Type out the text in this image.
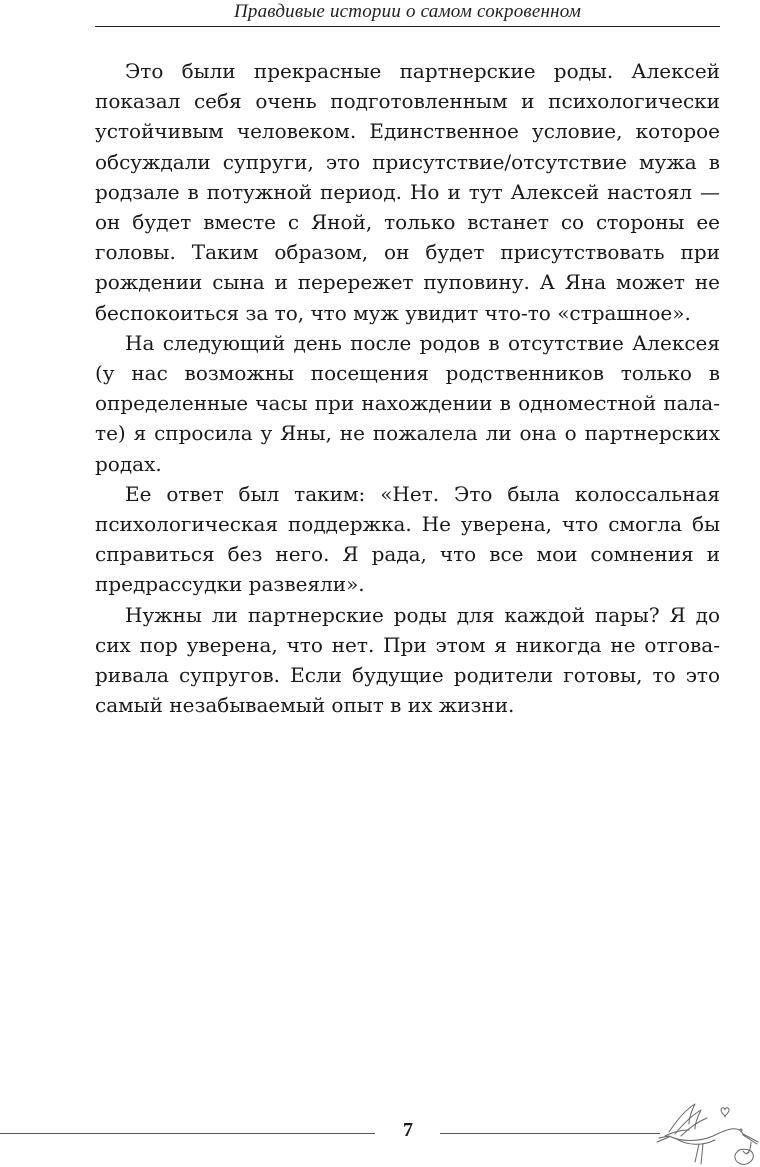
Правдивые истории о самом сокровенном

Это были прекрасные партнерские роды. Алексей показал себя очень подготовленным и психологически устойчивым человеком. Единственное условие, которое обсуждали супруги, это присутствие/отсутствие мужа в родзале в потужной период. Но и тут Алексей настоял — он будет вместе с Яной, только встанет со стороны ее головы. Таким образом, он будет присутствовать при рождении сына и перережет пуповину. А Яна может не беспокоиться за то, что муж увидит что-то «страшное».

На следующий день после родов в отсутствие Алексея (у нас возможны посещения родственников только в определенные часы при нахождении в одноместной палате) я спросила у Яны, не пожалела ли она о партнерских родах.

Ее ответ был таким: «Нет. Это была колоссальная психологическая поддержка. Не уверена, что смогла бы справиться без него. Я рада, что все мои сомнения и предрассудки развеяли».

Нужны ли партнерские роды для каждой пары? Я до сих пор уверена, что нет. При этом я никогда не отговаривала супругов. Если будущие родители готовы, то это самый незабываемый опыт в их жизни.

7
